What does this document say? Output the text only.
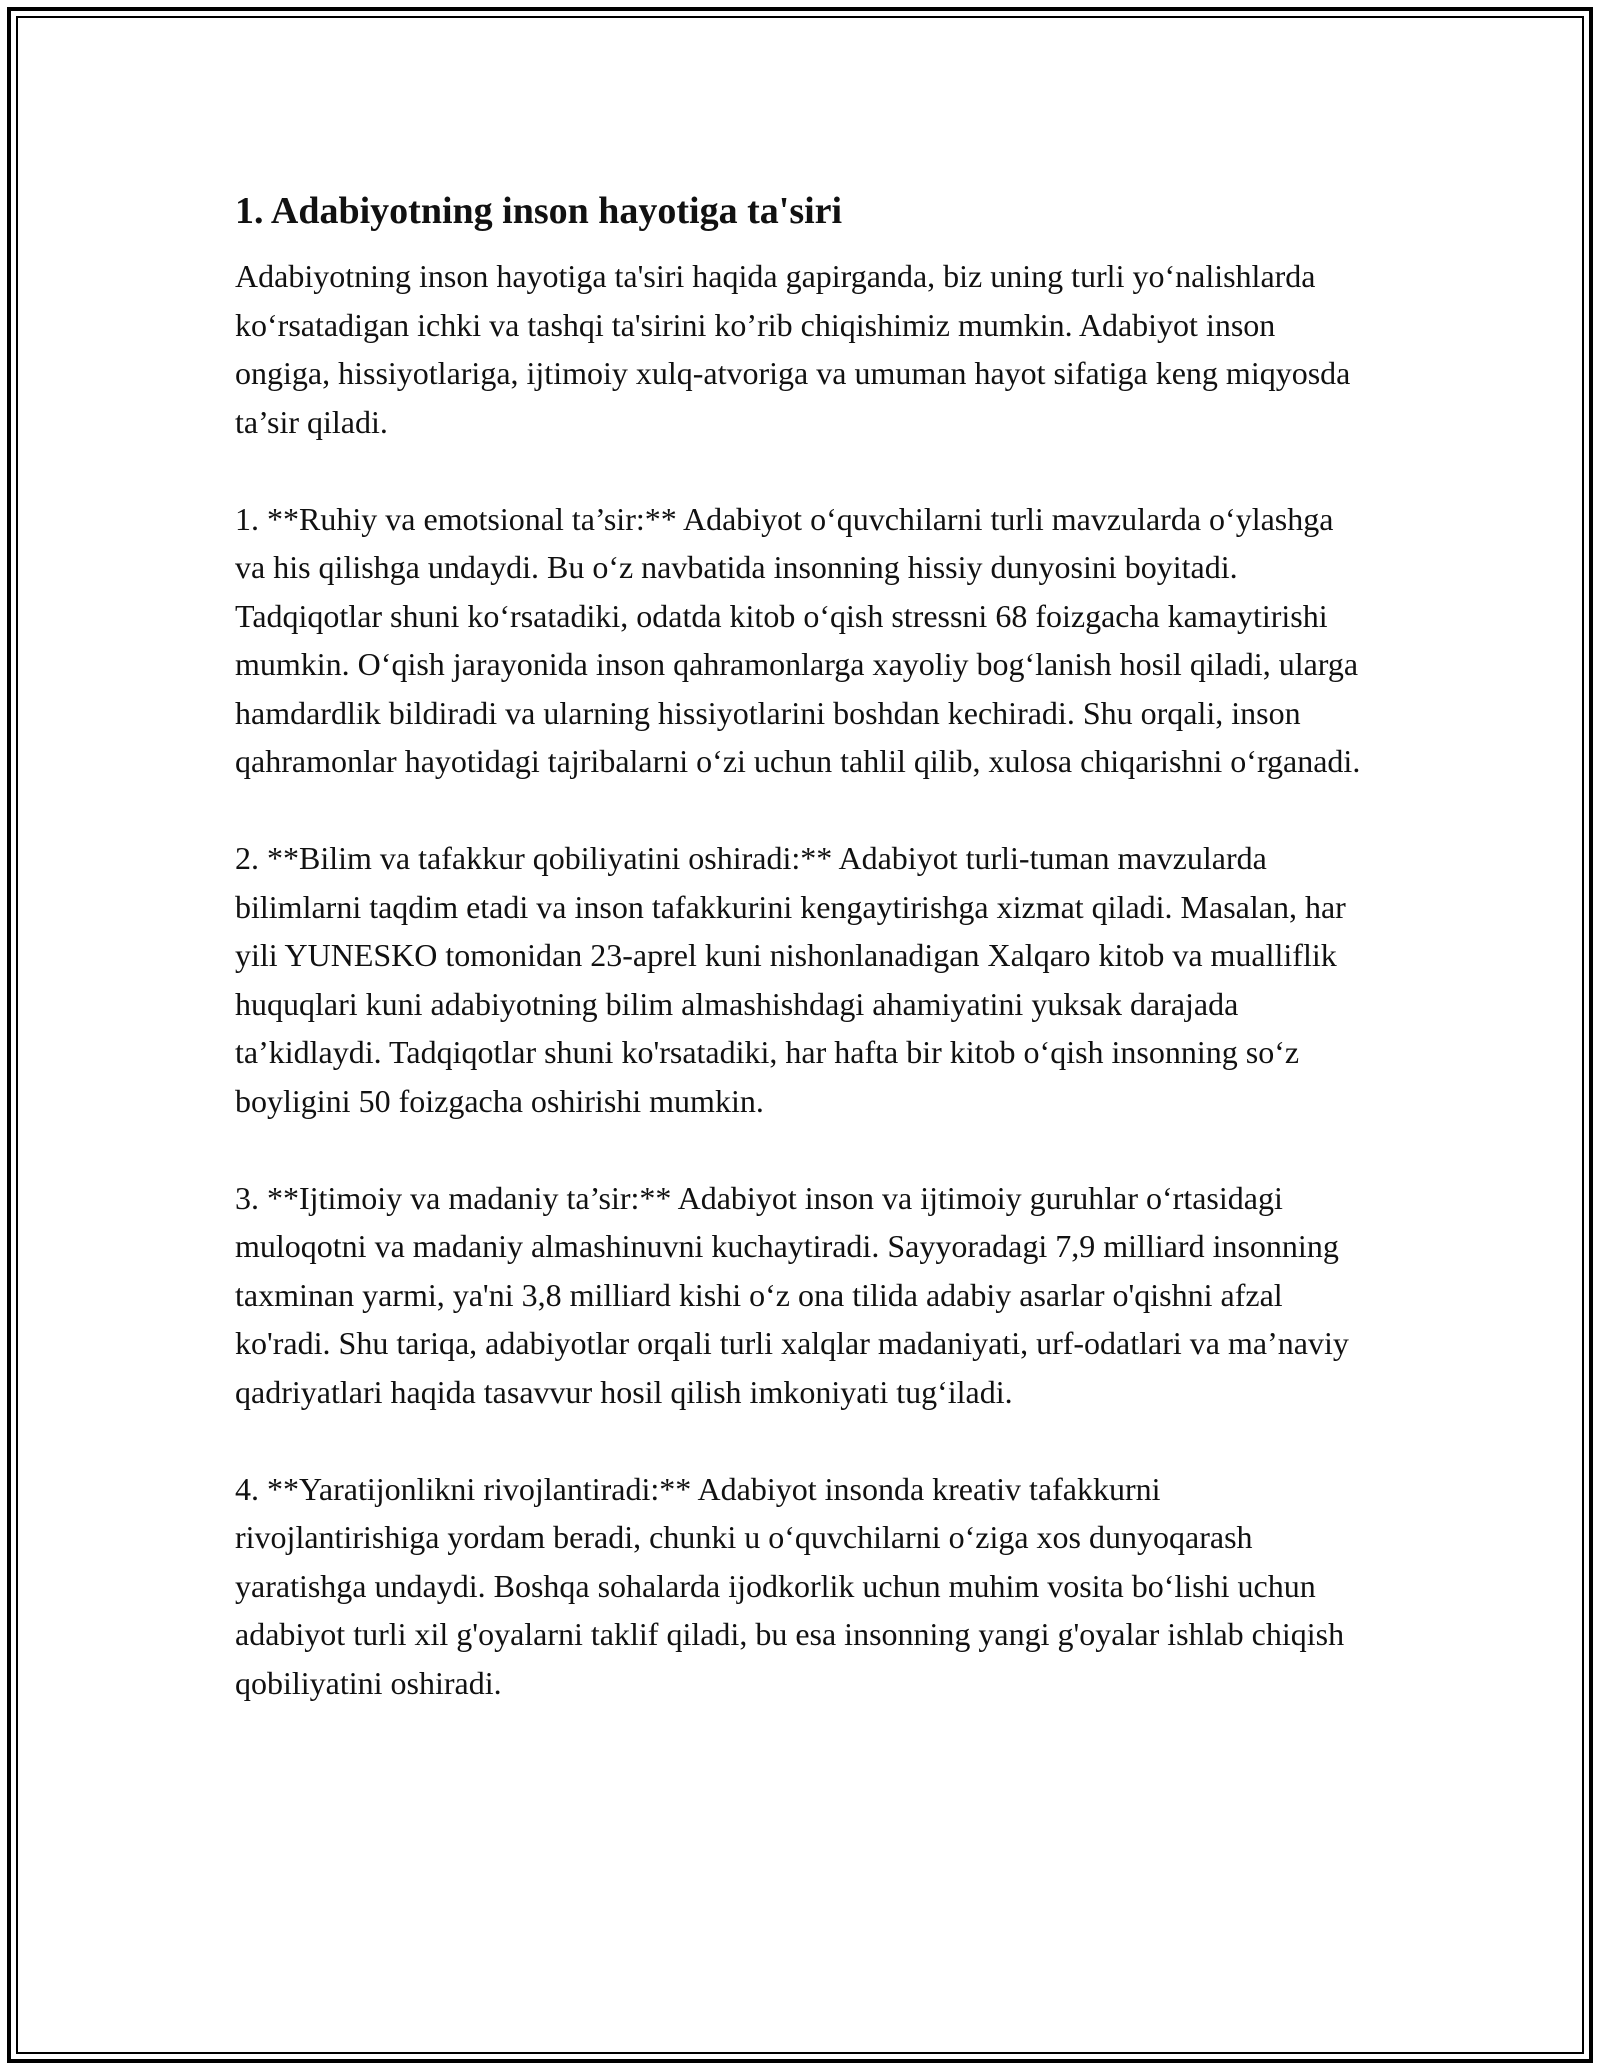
1. Adabiyotning inson hayotiga ta'siri

Adabiyotning inson hayotiga ta'siri haqida gapirganda, biz uning turli yo‘nalishlarda ko‘rsatadigan ichki va tashqi ta'sirini ko’rib chiqishimiz mumkin. Adabiyot inson ongiga, hissiyotlariga, ijtimoiy xulq-atvoriga va umuman hayot sifatiga keng miqyosda ta’sir qiladi.

1. **Ruhiy va emotsional ta’sir:** Adabiyot o‘quvchilarni turli mavzularda o‘ylashga va his qilishga undaydi. Bu o‘z navbatida insonning hissiy dunyosini boyitadi. Tadqiqotlar shuni ko‘rsatadiki, odatda kitob o‘qish stressni 68 foizgacha kamaytirishi mumkin. O‘qish jarayonida inson qahramonlarga xayoliy bog‘lanish hosil qiladi, ularga hamdardlik bildiradi va ularning hissiyotlarini boshdan kechiradi. Shu orqali, inson qahramonlar hayotidagi tajribalarni o‘zi uchun tahlil qilib, xulosa chiqarishni o‘rganadi.

2. **Bilim va tafakkur qobiliyatini oshiradi:** Adabiyot turli-tuman mavzularda bilimlarni taqdim etadi va inson tafakkurini kengaytirishga xizmat qiladi. Masalan, har yili YUNESKO tomonidan 23-aprel kuni nishonlanadigan Xalqaro kitob va mualliflik huquqlari kuni adabiyotning bilim almashishdagi ahamiyatini yuksak darajada ta’kidlaydi. Tadqiqotlar shuni ko'rsatadiki, har hafta bir kitob o‘qish insonning so‘z boyligini 50 foizgacha oshirishi mumkin.

3. **Ijtimoiy va madaniy ta’sir:** Adabiyot inson va ijtimoiy guruhlar o‘rtasidagi muloqotni va madaniy almashinuvni kuchaytiradi. Sayyoradagi 7,9 milliard insonning taxminan yarmi, ya'ni 3,8 milliard kishi o‘z ona tilida adabiy asarlar o'qishni afzal ko'radi. Shu tariqa, adabiyotlar orqali turli xalqlar madaniyati, urf-odatlari va ma’naviy qadriyatlari haqida tasavvur hosil qilish imkoniyati tug‘iladi.

4. **Yaratijonlikni rivojlantiradi:** Adabiyot insonda kreativ tafakkurni rivojlantirishiga yordam beradi, chunki u o‘quvchilarni o‘ziga xos dunyoqarash yaratishga undaydi. Boshqa sohalarda ijodkorlik uchun muhim vosita bo‘lishi uchun adabiyot turli xil g'oyalarni taklif qiladi, bu esa insonning yangi g'oyalar ishlab chiqish qobiliyatini oshiradi.
